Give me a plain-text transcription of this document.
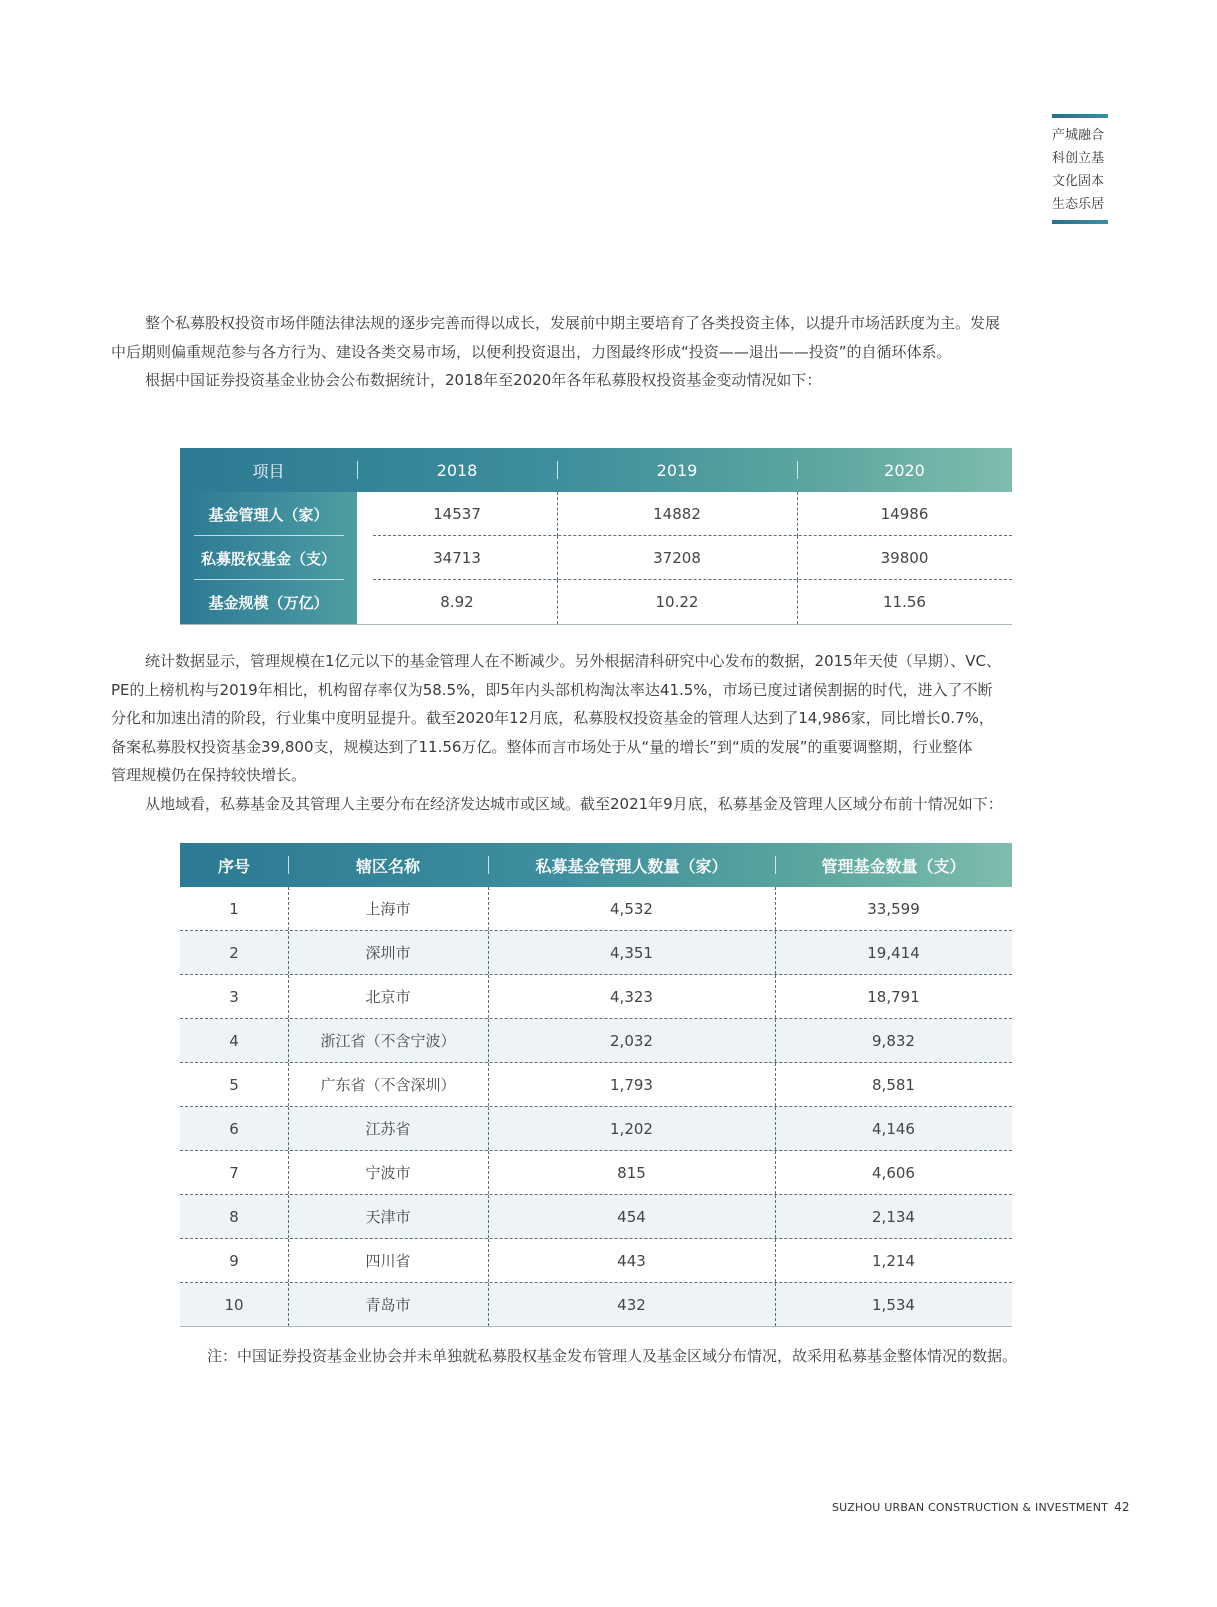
产城融合
科创立基
文化固本
生态乐居
整个私募股权投资市场伴随法律法规的逐步完善而得以成长，发展前中期主要培育了各类投资主体，以提升市场活跃度为主。发展
中后期则偏重规范参与各方行为、建设各类交易市场，以便利投资退出，力图最终形成“投资——退出——投资”的自循环体系。
根据中国证券投资基金业协会公布数据统计，2018年至2020年各年私募股权投资基金变动情况如下：
项目	2018	2019	2020
基金管理人（家）	14537	14882	14986
私募股权基金（支）	34713	37208	39800
基金规模（万亿）	8.92	10.22	11.56
统计数据显示，管理规模在1亿元以下的基金管理人在不断减少。另外根据清科研究中心发布的数据，2015年天使（早期）、VC、
PE的上榜机构与2019年相比，机构留存率仅为58.5%，即5年内头部机构淘汰率达41.5%，市场已度过诸侯割据的时代，进入了不断
分化和加速出清的阶段，行业集中度明显提升。截至2020年12月底，私募股权投资基金的管理人达到了14,986家，同比增长0.7%，
备案私募股权投资基金39,800支，规模达到了11.56万亿。整体而言市场处于从“量的增长”到“质的发展”的重要调整期，行业整体
管理规模仍在保持较快增长。
从地域看，私募基金及其管理人主要分布在经济发达城市或区域。截至2021年9月底，私募基金及管理人区域分布前十情况如下：
序号	辖区名称	私募基金管理人数量（家）	管理基金数量（支）
1	上海市	4,532	33,599
2	深圳市	4,351	19,414
3	北京市	4,323	18,791
4	浙江省（不含宁波）	2,032	9,832
5	广东省（不含深圳）	1,793	8,581
6	江苏省	1,202	4,146
7	宁波市	815	4,606
8	天津市	454	2,134
9	四川省	443	1,214
10	青岛市	432	1,534
注：中国证券投资基金业协会并未单独就私募股权基金发布管理人及基金区域分布情况，故采用私募基金整体情况的数据。
SUZHOU URBAN CONSTRUCTION & INVESTMENT 42
